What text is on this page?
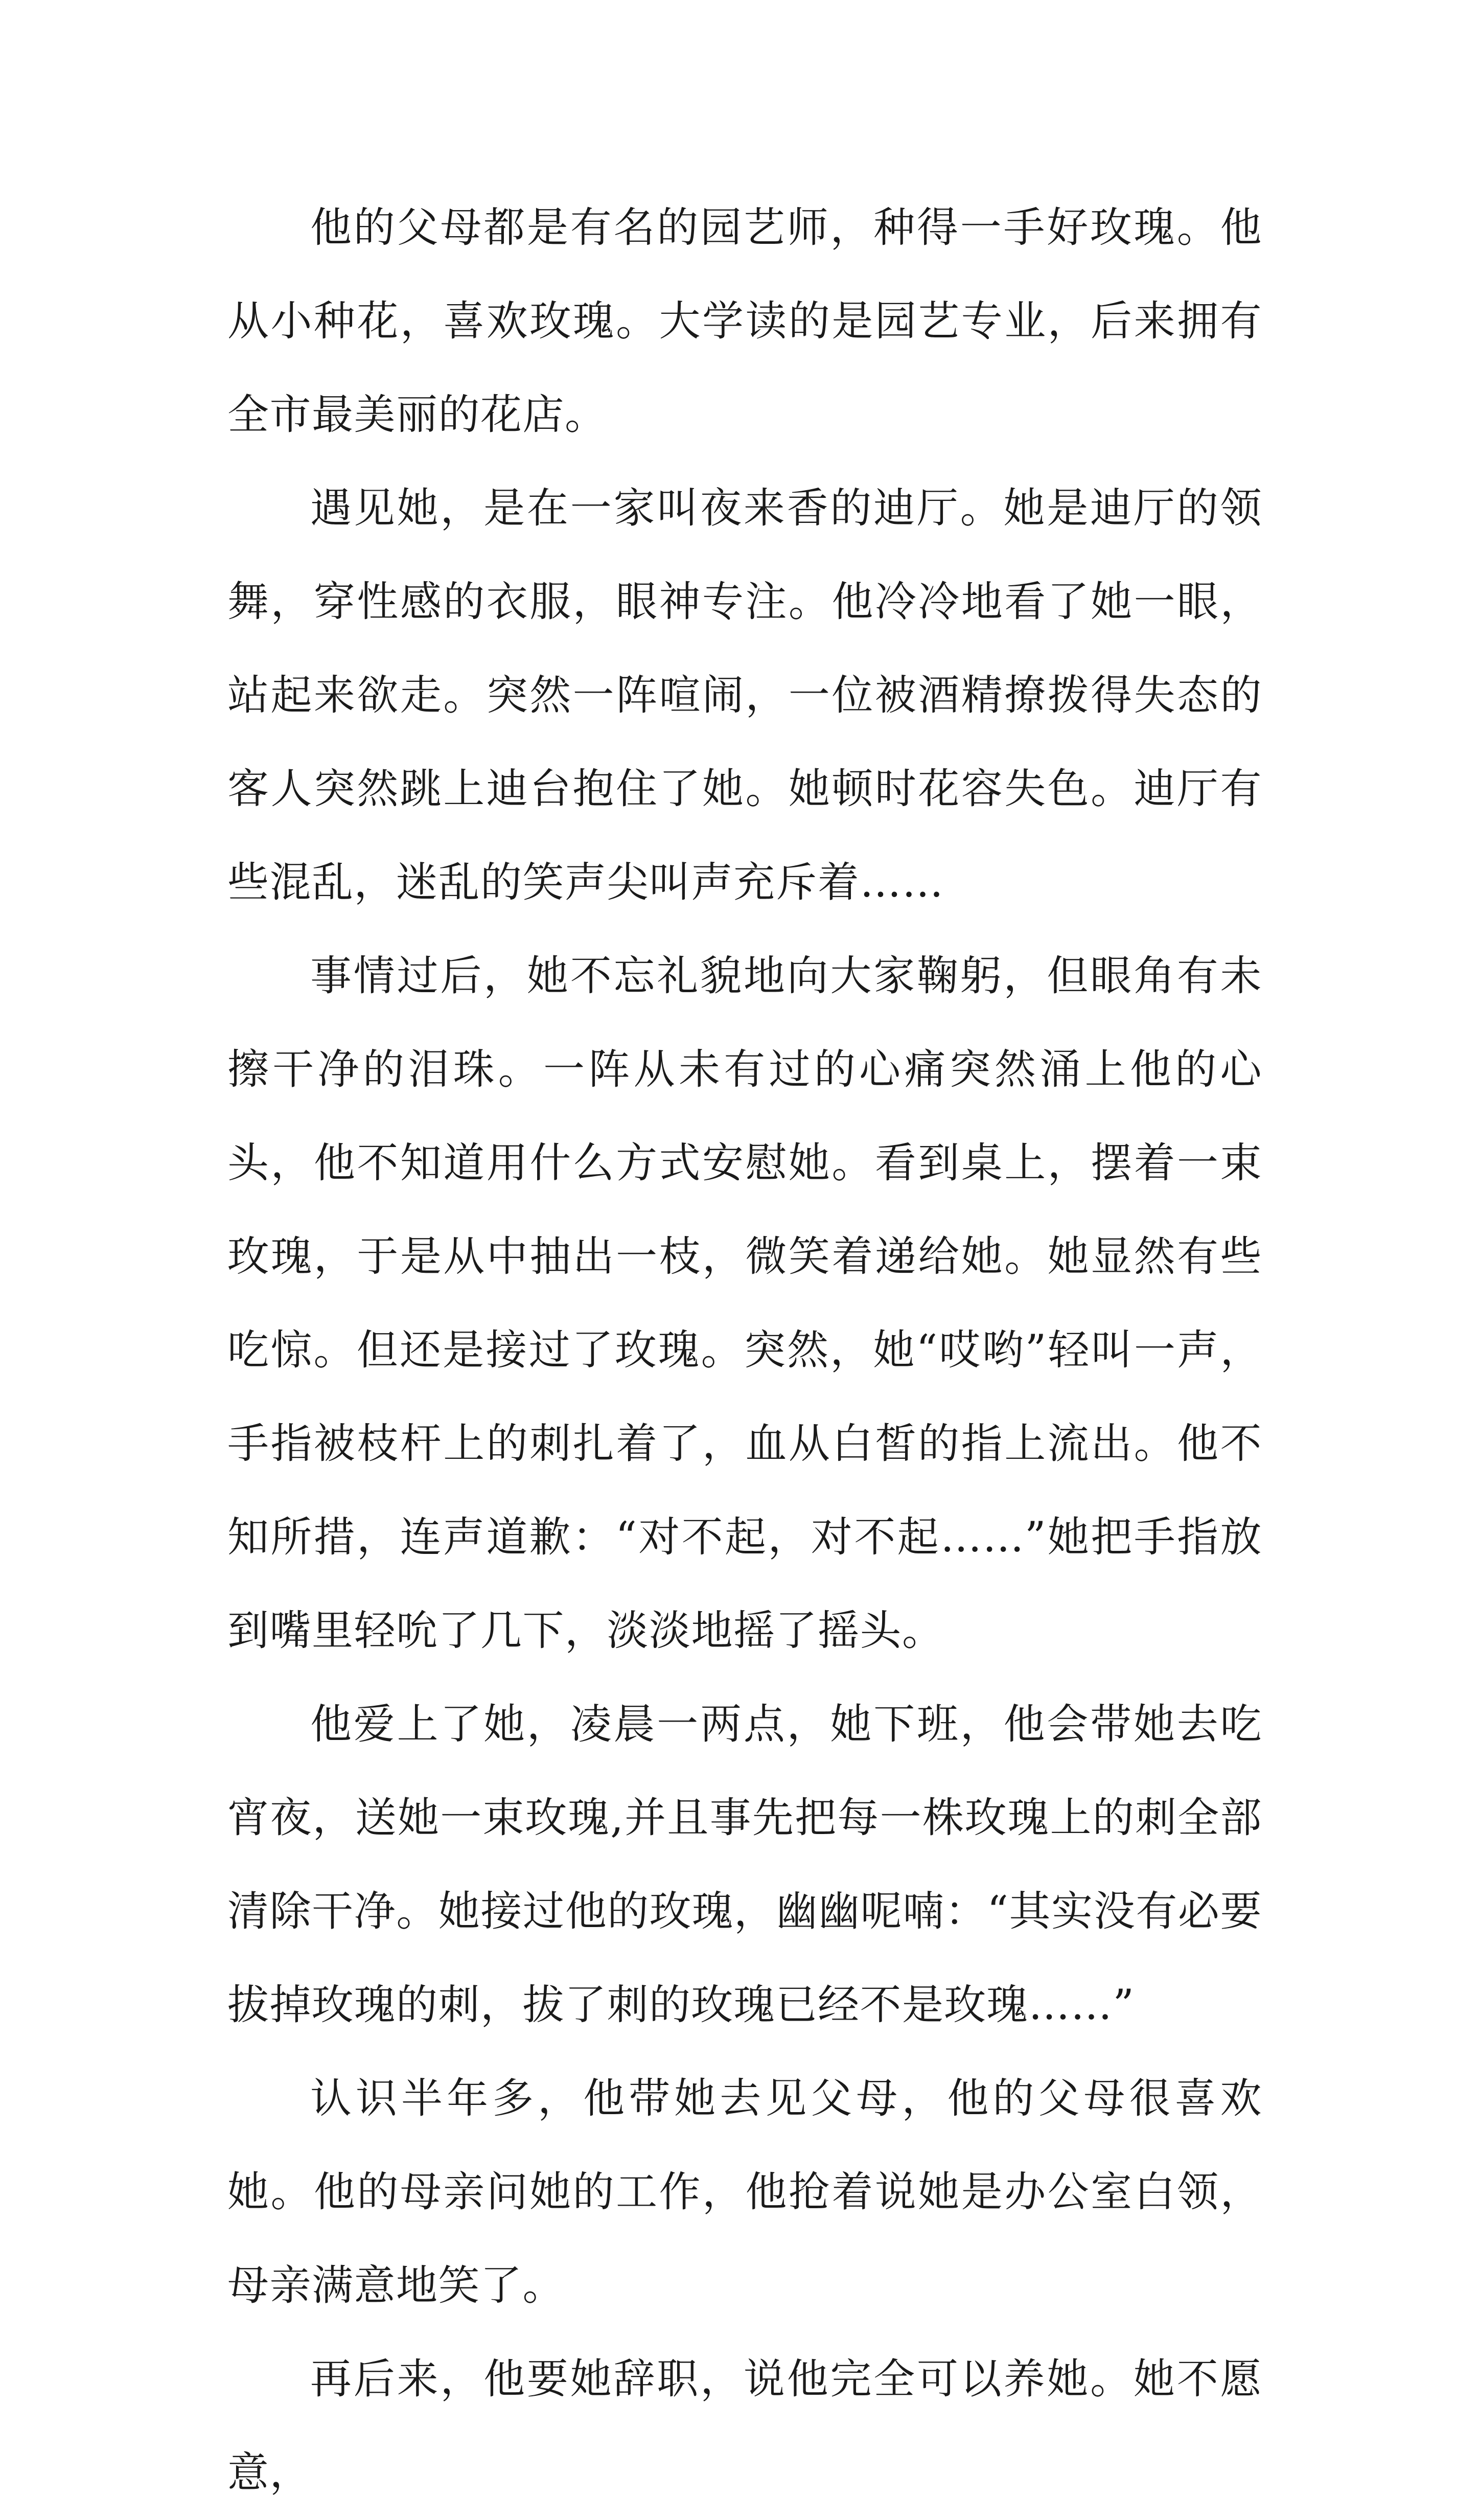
他的父母都是有名的园艺师，种得一手好玫瑰。他从小种花，喜欢玫瑰。大学读的是园艺专业，后来拥有全市最美丽的花店。

遇见她，是在一家叫夜来香的迪厅。她是迪厅的领舞，穿性感的衣服，眼神专注。他冷冷地看了她一眼，站起来欲走。突然一阵喧闹，一位被酒精撩拨得失态的客人突然跳上迪台抱住了她。她顿时花容失色。迪厅有些混乱，迷乱的笑声尖叫声充斥着……

事情过后，她不忘礼貌地向大家鞠躬，但眼角有未擦干净的泪珠。一阵从未有过的心痛突然涌上他的心头，他不知道用什么方式安慰她。看到桌上，摆着一束玫瑰，于是从中抽出一枝，微笑着递给她。她显然有些吃惊。但还是接过了玫瑰。突然，她“哎哟”轻叫一声，手指被枝杆上的刺扎着了，血从白皙的指上流出。他不知所措，连声道歉：“对不起，对不起……”她把手指放到嘴里轻吮了几下，淡淡地摇了摇头。

他爱上了她，凌晨一两点，她下班，他会带她去吃宵夜，送她一束玫瑰,并且事先把每一株玫瑰上的刺全部清除干净。她接过他的玫瑰，幽幽呢喃：“其实没有必要拔掉玫瑰的刺，拔了刺的玫瑰已经不是玫瑰……”

认识半年多，他带她去见父母，他的父母很喜欢她。他的母亲问她的工作，他抢着说她是办公室白领，母亲满意地笑了。

再后来，他要她辞职，说他完全可以养她。她不愿意，
